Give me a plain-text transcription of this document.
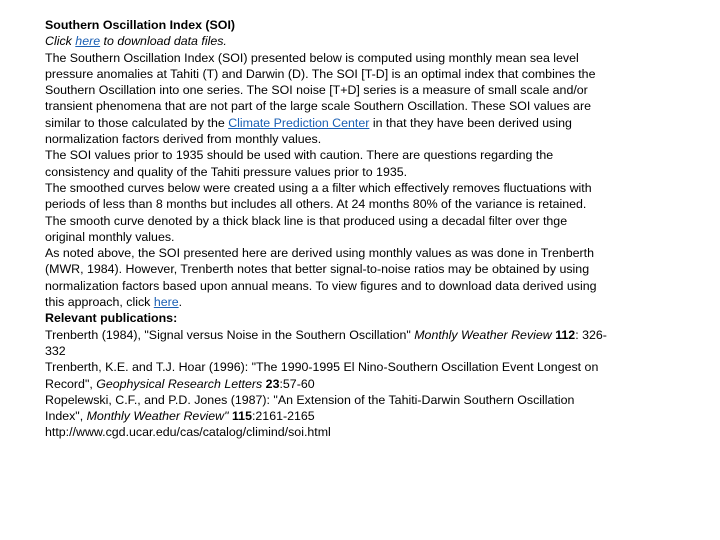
Southern Oscillation Index (SOI)
Click here to download data files.
The Southern Oscillation Index (SOI) presented below is computed using monthly mean sea level
pressure anomalies at Tahiti (T) and Darwin (D). The SOI [T-D] is an optimal index that combines the
Southern Oscillation into one series. The SOI noise [T+D] series is a measure of small scale and/or
transient phenomena that are not part of the large scale Southern Oscillation. These SOI values are
similar to those calculated by the Climate Prediction Center in that they have been derived using
normalization factors derived from monthly values.
The SOI values prior to 1935 should be used with caution. There are questions regarding the
consistency and quality of the Tahiti pressure values prior to 1935.
The smoothed curves below were created using a a filter which effectively removes fluctuations with
periods of less than 8 months but includes all others. At 24 months 80% of the variance is retained.
The smooth curve denoted by a thick black line is that produced using a decadal filter over thge
original monthly values.
As noted above, the SOI presented here are derived using monthly values as was done in Trenberth
(MWR, 1984). However, Trenberth notes that better signal-to-noise ratios may be obtained by using
normalization factors based upon annual means. To view figures and to download data derived using
this approach, click here.
Relevant publications:
Trenberth (1984), "Signal versus Noise in the Southern Oscillation" Monthly Weather Review 112: 326-
332
Trenberth, K.E. and T.J. Hoar (1996): "The 1990-1995 El Nino-Southern Oscillation Event Longest on
Record", Geophysical Research Letters 23:57-60
Ropelewski, C.F., and P.D. Jones (1987): "An Extension of the Tahiti-Darwin Southern Oscillation
Index", Monthly Weather Review" 115:2161-2165
http://www.cgd.ucar.edu/cas/catalog/climind/soi.html
